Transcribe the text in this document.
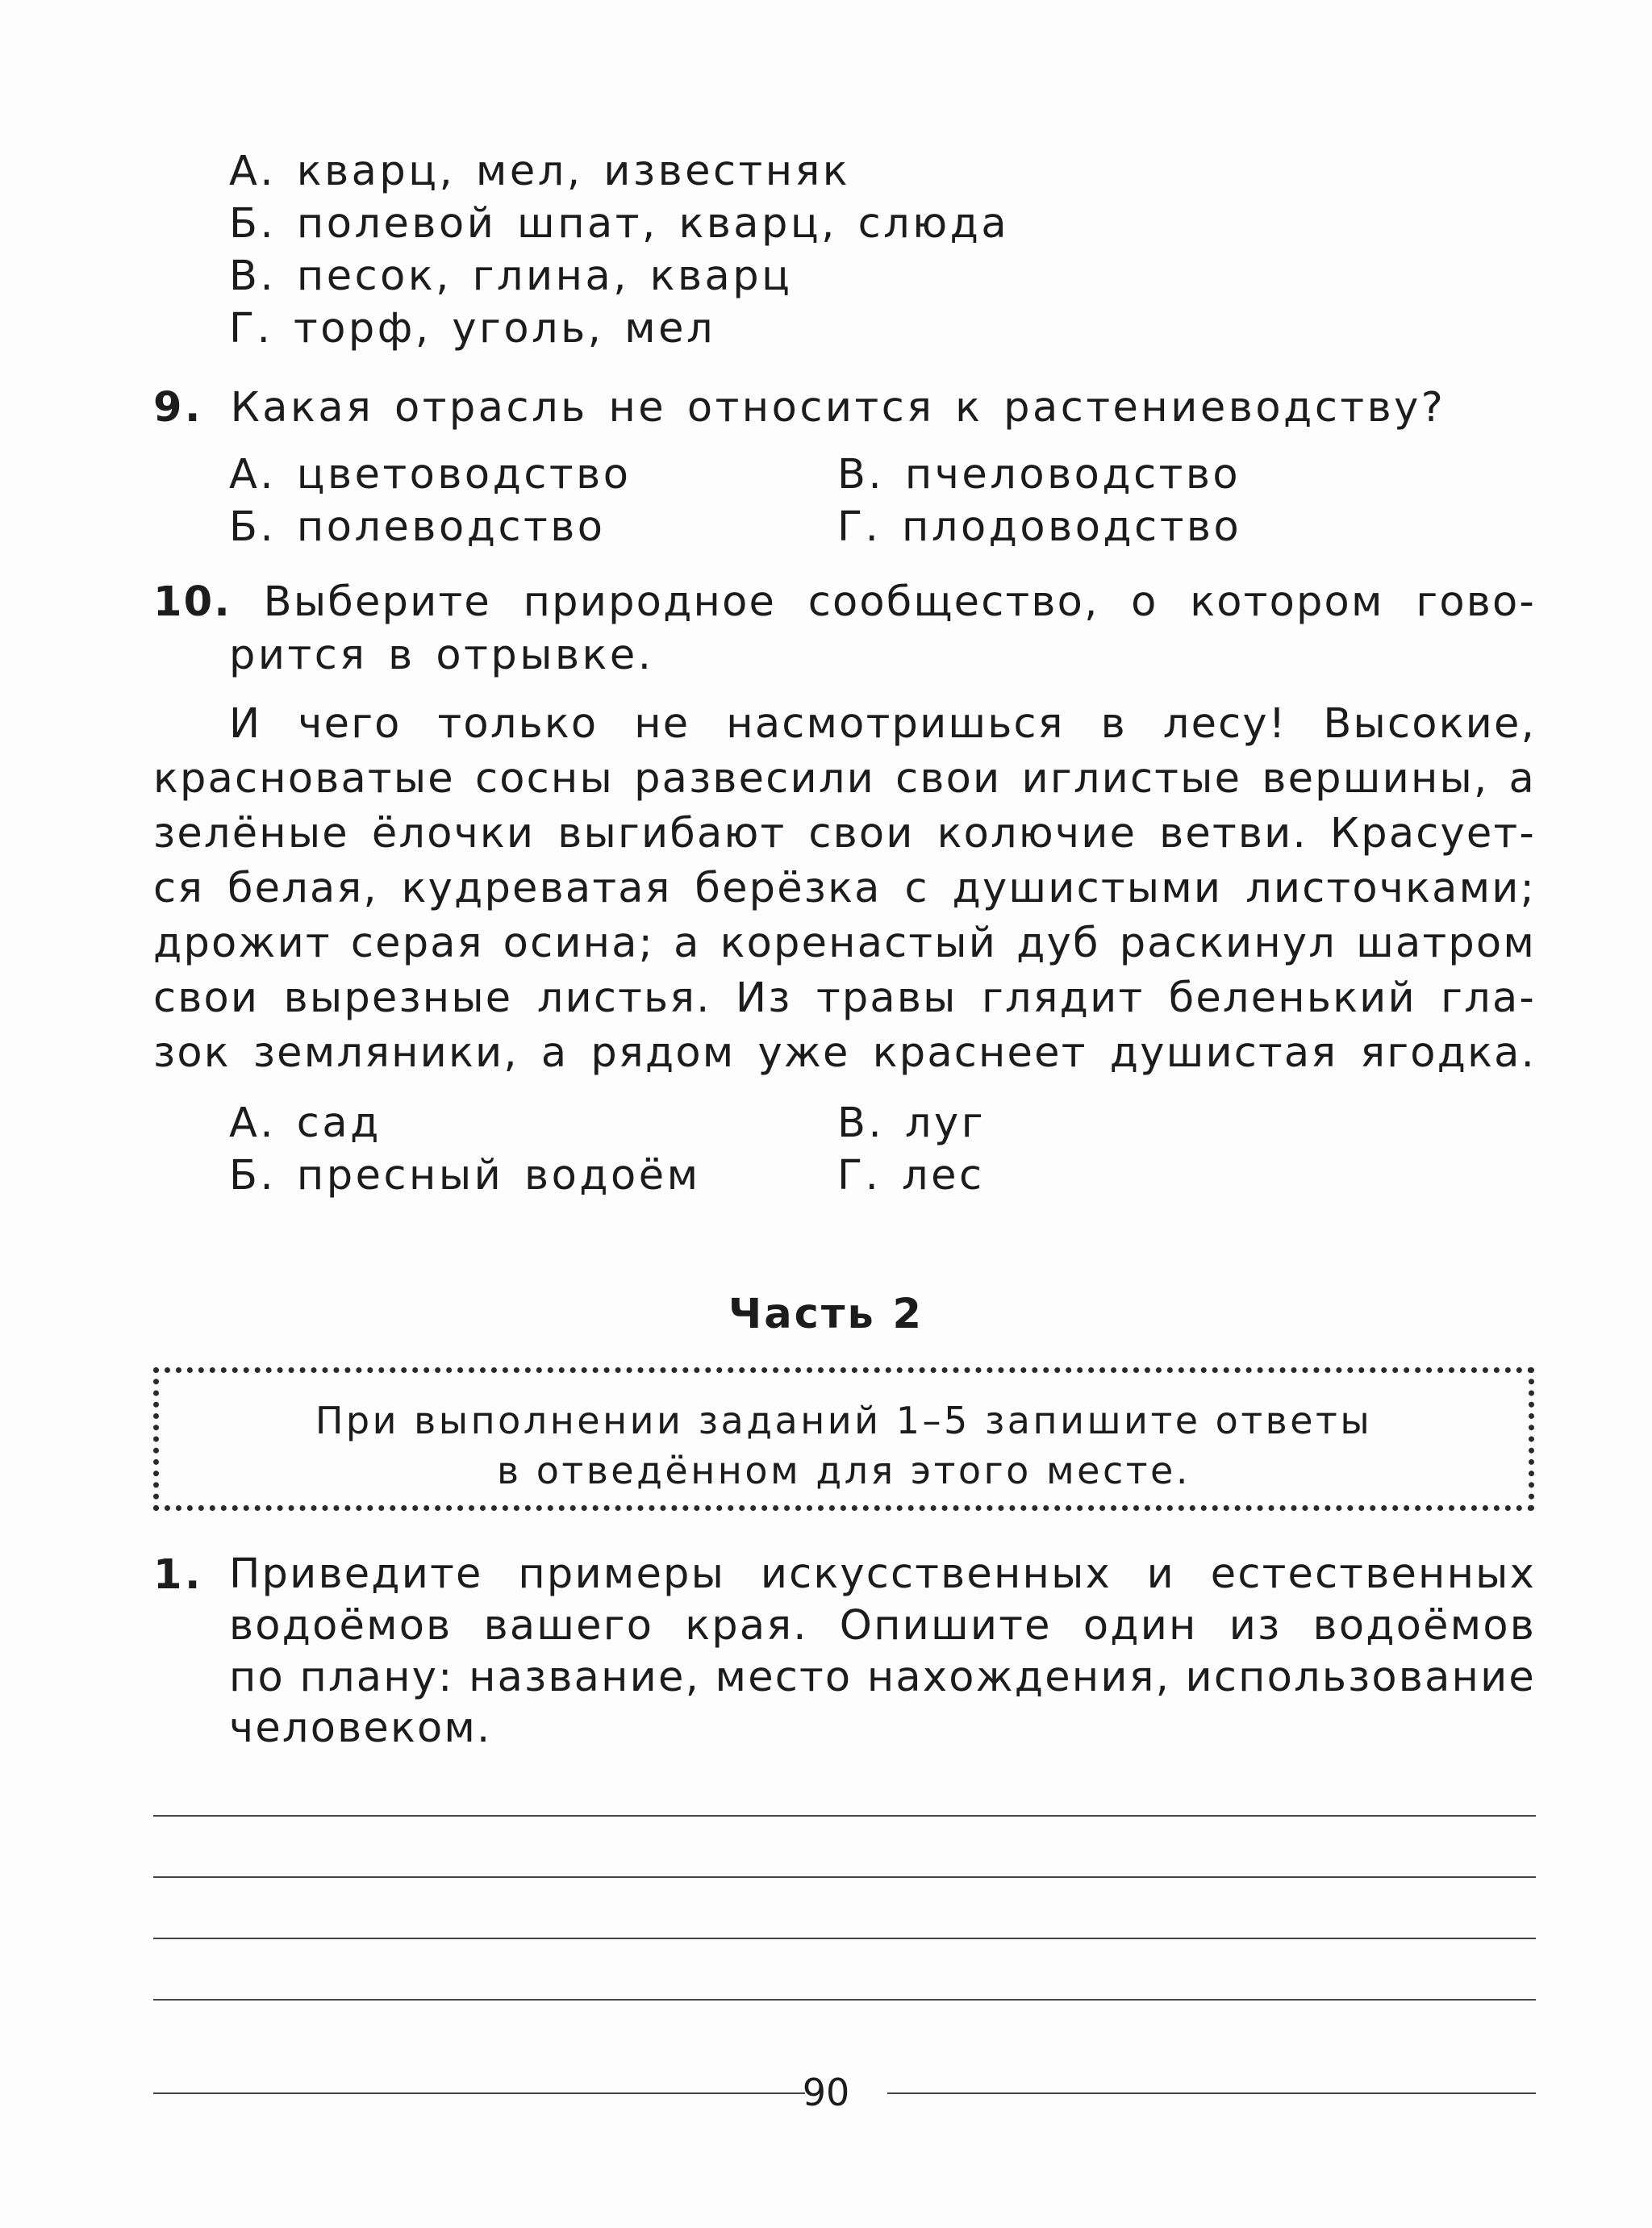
А. кварц, мел, известняк
Б. полевой шпат, кварц, слюда
В. песок, глина, кварц
Г. торф, уголь, мел
9. Какая отрасль не относится к растениеводству?
А. цветоводство	В. пчеловодство
Б. полеводство	Г. плодоводство
10. Выберите природное сообщество, о котором гово-
рится в отрывке.
И чего только не насмотришься в лесу! Высокие,
красноватые сосны развесили свои иглистые вершины, а
зелёные ёлочки выгибают свои колючие ветви. Красует-
ся белая, кудреватая берёзка с душистыми листочками;
дрожит серая осина; а коренастый дуб раскинул шатром
свои вырезные листья. Из травы глядит беленький гла-
зок земляники, а рядом уже краснеет душистая ягодка.
А. сад	В. луг
Б. пресный водоём	Г. лес
Часть 2
При выполнении заданий 1–5 запишите ответы
в отведённом для этого месте.
1. Приведите примеры искусственных и естественных
водоёмов вашего края. Опишите один из водоёмов
по плану: название, место нахождения, использование
человеком.
90
